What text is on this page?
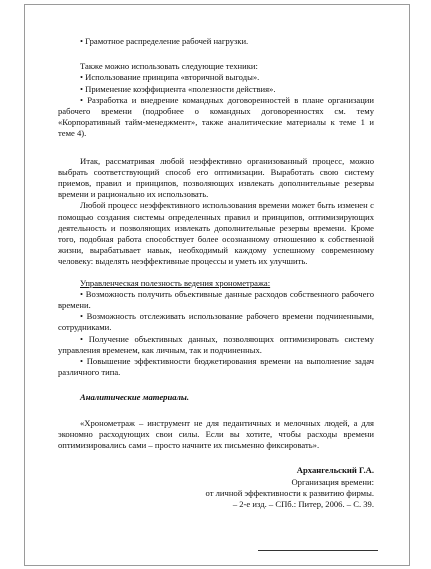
• Грамотное распределение рабочей нагрузки.

Также можно использовать следующие техники:

• Использование принципа «вторичной выгоды».

• Применение коэффициента «полезности действия».

• Разработка и внедрение командных договоренностей в плане организации рабочего времени (подробнее о командных договоренностях см. тему «Корпоративный тайм-менеджмент», также аналитические материалы к теме 1 и теме 4).

Итак, рассматривая любой неэффективно организованный процесс, можно выбрать соответствующий способ его оптимизации. Выработать свою систему приемов, правил и принципов, позволяющих извлекать дополнительные резервы времени и рационально их использовать.

Любой процесс неэффективного использования времени может быть изменен с помощью создания системы определенных правил и принципов, оптимизирующих деятельность и позволяющих извлекать дополнительные резервы времени. Кроме того, подобная работа способствует более осознанному отношению к собственной жизни, вырабатывает навык, необходимый каждому успешному современному человеку: выделять неэффективные процессы и уметь их улучшить.

Управленческая полезность ведения хронометража:

• Возможность получить объективные данные расходов собственного рабочего времени.

• Возможность отслеживать использование рабочего времени подчиненными, сотрудниками.

• Получение объективных данных, позволяющих оптимизировать систему управления временем, как личным, так и подчиненных.

• Повышение эффективности бюджетирования времени на выполнение задач различного типа.

Аналитические материалы.

«Хронометраж – инструмент не для педантичных и мелочных людей, а для экономно расходующих свои силы. Если вы хотите, чтобы расходы времени оптимизировались сами – просто начните их письменно фиксировать».

Архангельский Г.А.

Организация времени:

от личной эффективности к развитию фирмы.

– 2-е изд. – СПб.: Питер, 2006. – С. 39.
